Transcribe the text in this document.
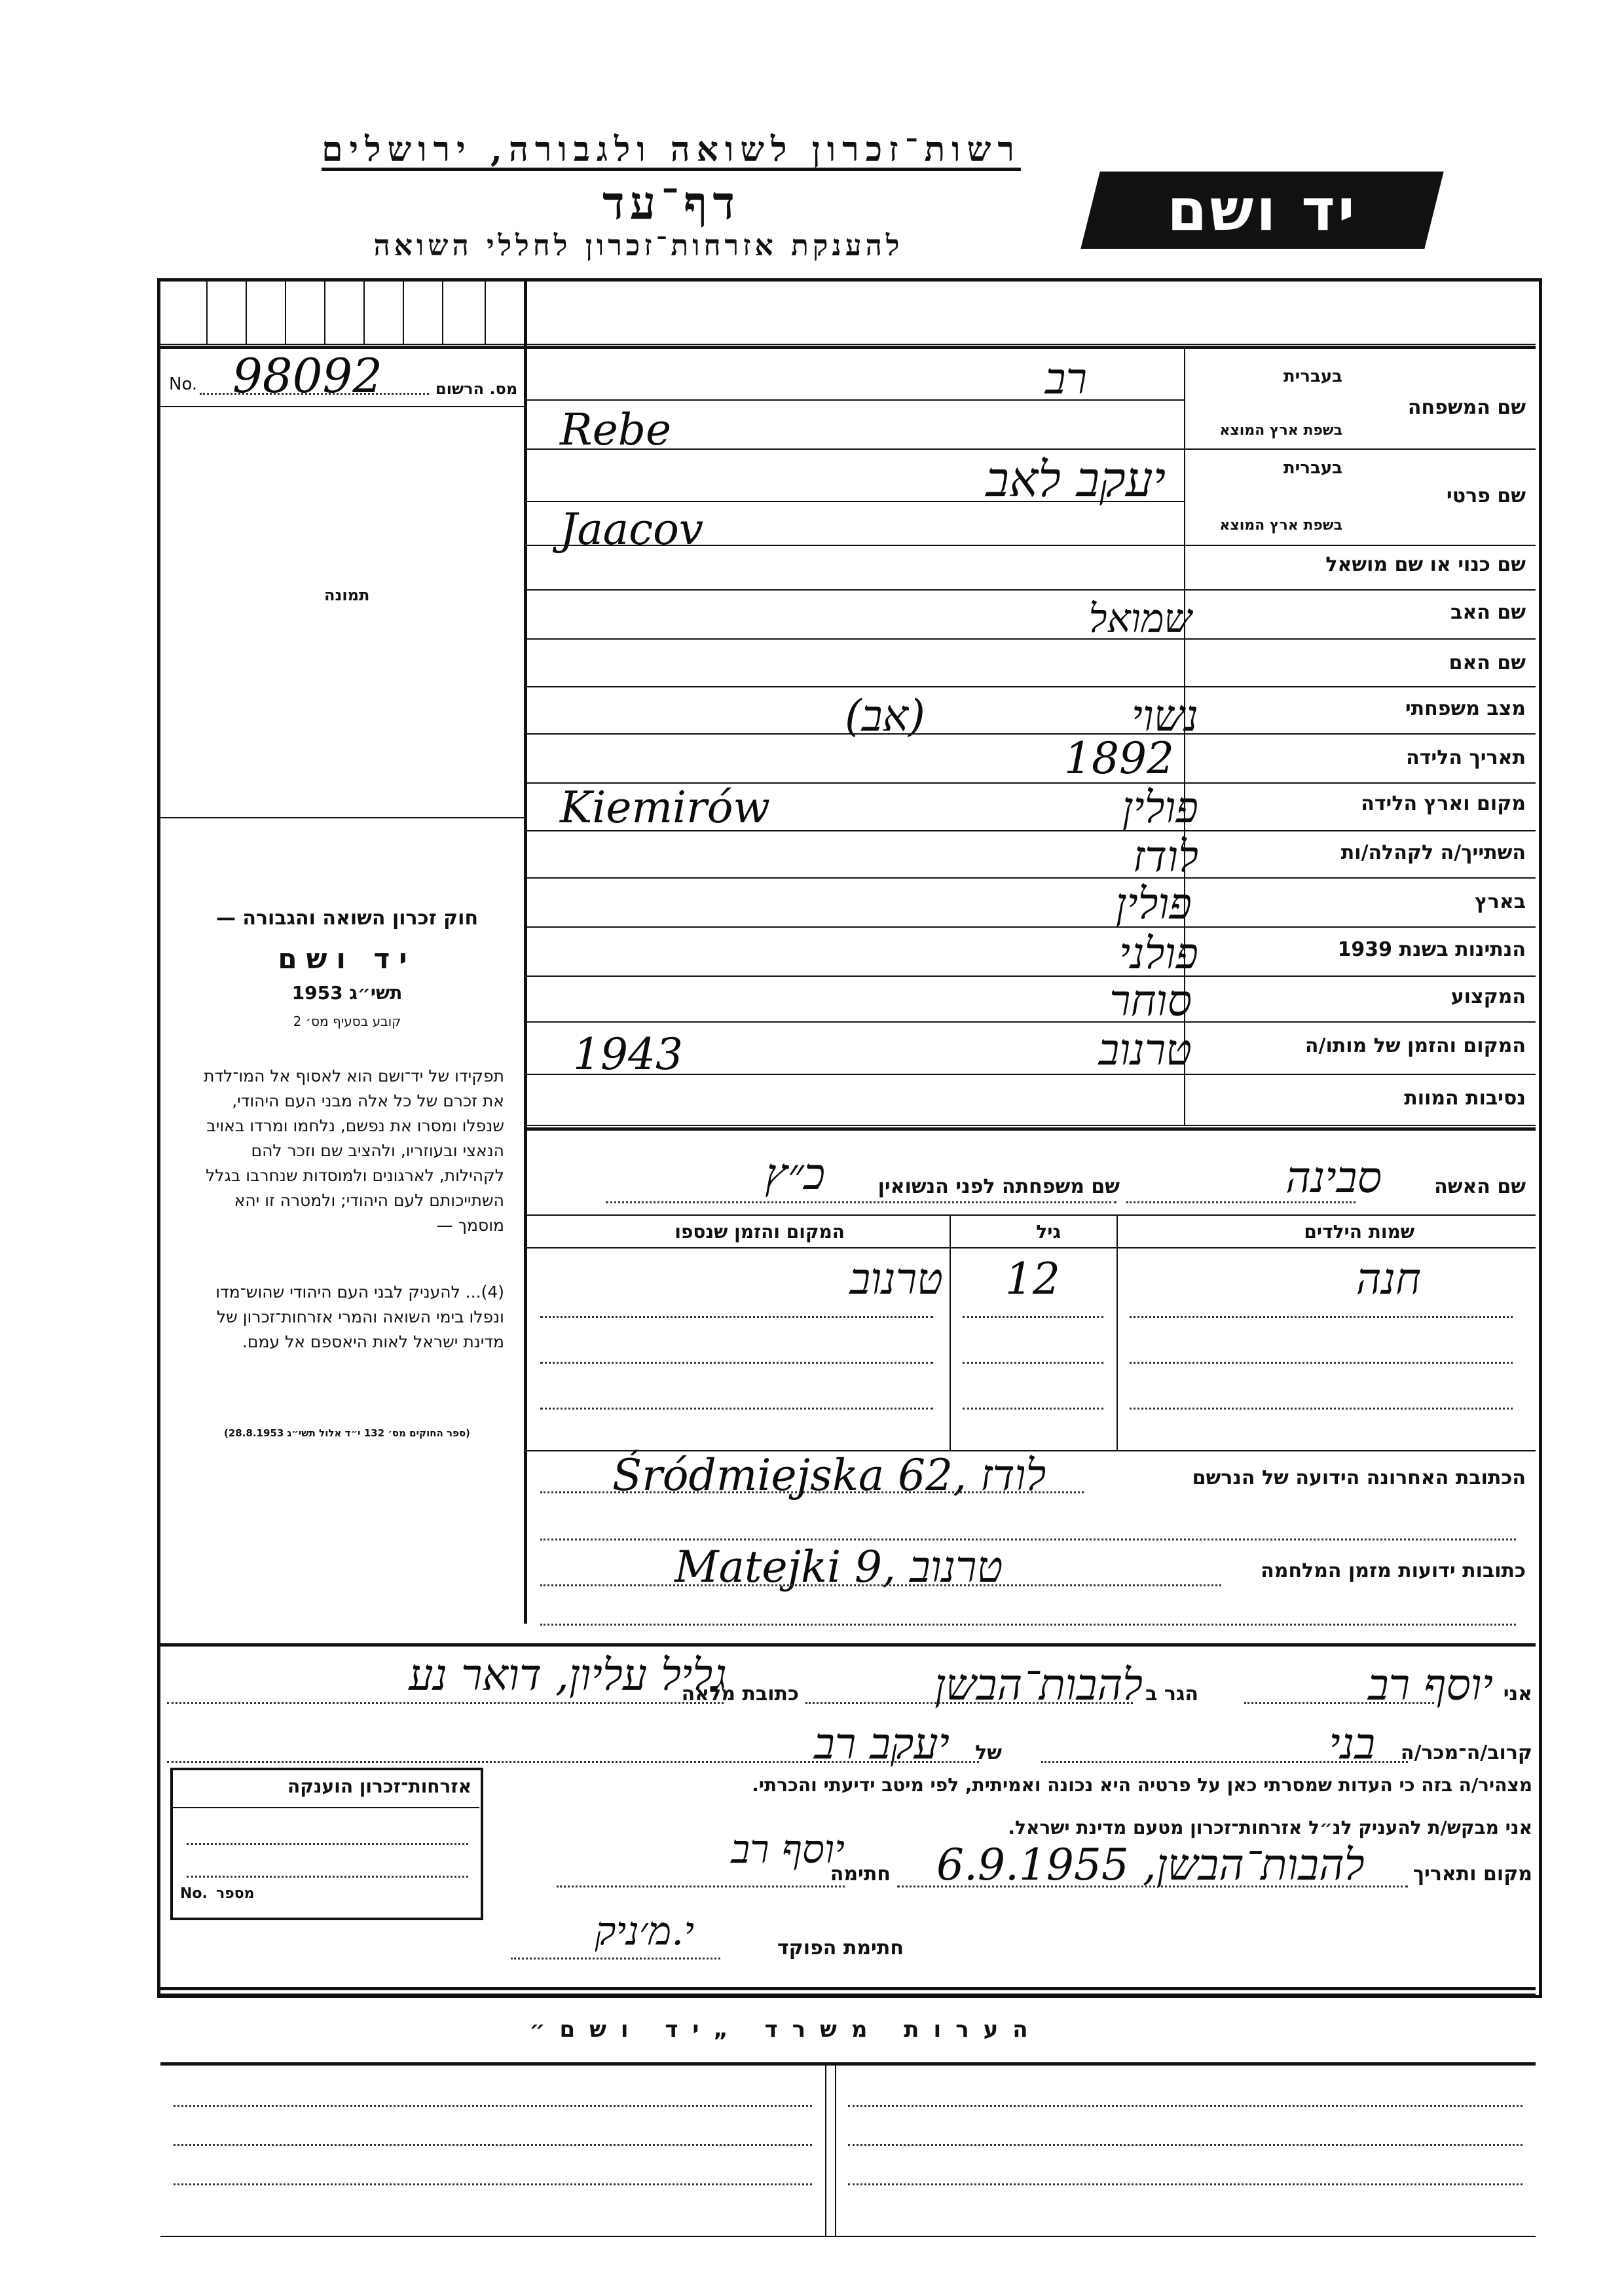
רשות־זכרון לשואה ולגבורה, ירושלים
דף־עד
להענקת אזרחות־זכרון לחללי השואה
יד ושם
No. 98092	מס. הרשום
תמונה
שם המשפחה
בעברית
בשפת ארץ המוצא
רב
Rebe
שם פרטי
בעברית
בשפת ארץ המוצא
יעקב לאב
Jaacov
שם כנוי או שם מושאל
שם האב
שמואל
שם האם
מצב משפחתי
נשוי
(אב)
תאריך הלידה
1892
מקום וארץ הלידה
פולין
Kiemirów
השתייך/ה לקהלה/ות
לודז
בארץ
פולין
הנתינות בשנת 1939
פולני
המקצוע
סוחר
המקום והזמן של מותו/ה
טרנוב
1943
נסיבות המוות
שם האשה
סבינה
שם משפחתה לפני הנשואין
כ״ץ
שמות הילדים
גיל
המקום והזמן שנספו
חנה
12
טרנוב
הכתובת האחרונה הידועה של הנרשם
Śródmiejska 62, לודז
כתובות ידועות מזמן המלחמה
Matejki 9, טרנוב
חוק זכרון השואה והגבורה —
יד ושם
תשי״ג 1953
קובע בסעיף מס׳ 2
תפקידו של יד־ושם הוא לאסוף אל המו־לדת את זכרם של כל אלה מבני העם היהודי, שנפלו ומסרו את נפשם, נלחמו ומרדו באויב הנאצי ובעוזריו, ולהציב שם וזכר להם לקהילות, לארגונים ולמוסדות שנחרבו בגלל השתייכותם לעם היהודי; ולמטרה זו יהא מוסמך —
(4)... להעניק לבני העם היהודי שהוש־מדו ונפלו בימי השואה והמרי אזרחות־זכרון של מדינת ישראל לאות היאספם אל עמם.
(ספר החוקים מס׳ 132 י״ד אלול תשי״ג 28.8.1953)
אני
יוסף רב
הגר ב
להבות־הבשן
כתובת מלאה
גליל עליון, דואר נע
קרוב/ה־מכר/ה
בני
של
יעקב רב
מצהיר/ה בזה כי העדות שמסרתי כאן על פרטיה היא נכונה ואמיתית, לפי מיטב ידיעתי והכרתי.
אני מבקש/ת להעניק לנ״ל אזרחות־זכרון מטעם מדינת ישראל.
מקום ותאריך
להבות־הבשן, 6.9.1955
חתימה
יוסף רב
חתימת הפוקד
י.מ׳ניק
אזרחות־זכרון הוענקה
No. מספר
הערות משרד „יד ושם״
